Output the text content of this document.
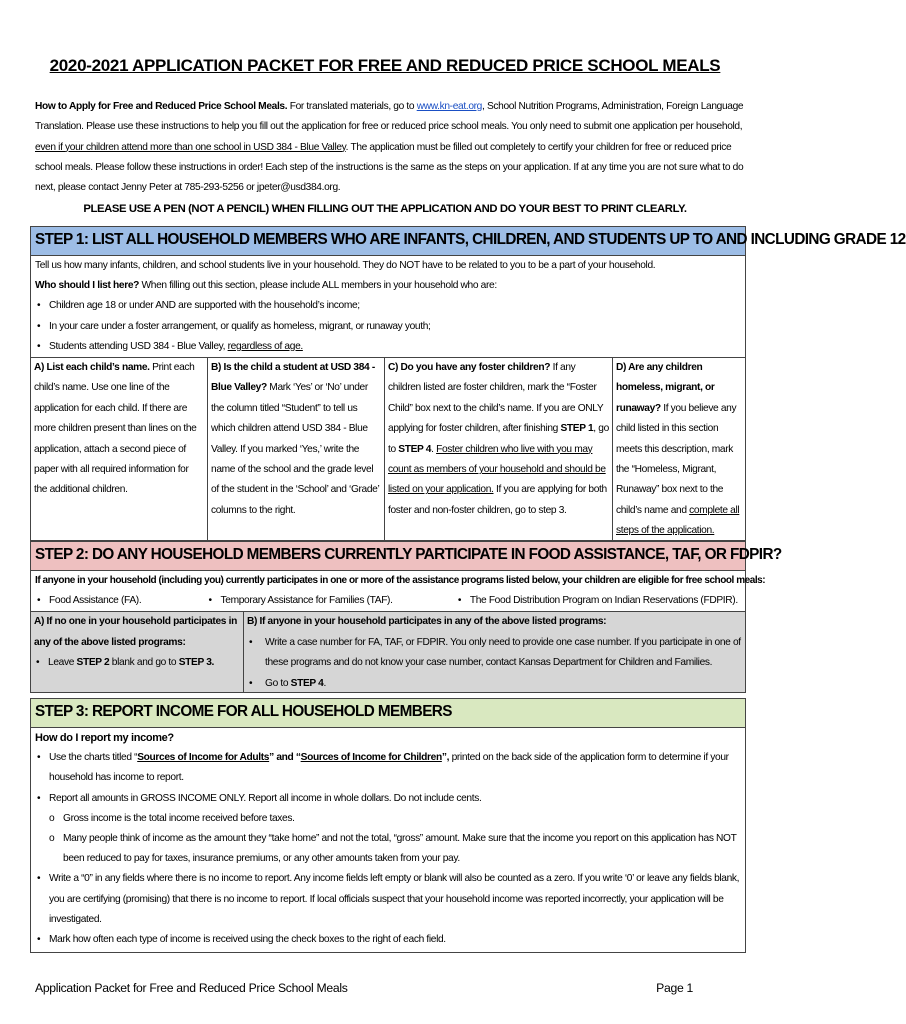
2020-2021 APPLICATION PACKET FOR FREE AND REDUCED PRICE SCHOOL MEALS
How to Apply for Free and Reduced Price School Meals. For translated materials, go to www.kn-eat.org, School Nutrition Programs, Administration, Foreign Language Translation. Please use these instructions to help you fill out the application for free or reduced price school meals. You only need to submit one application per household, even if your children attend more than one school in USD 384 - Blue Valley. The application must be filled out completely to certify your children for free or reduced price school meals. Please follow these instructions in order! Each step of the instructions is the same as the steps on your application. If at any time you are not sure what to do next, please contact Jenny Peter at 785-293-5256 or jpeter@usd384.org.
PLEASE USE A PEN (NOT A PENCIL) WHEN FILLING OUT THE APPLICATION AND DO YOUR BEST TO PRINT CLEARLY.
STEP 1: LIST ALL HOUSEHOLD MEMBERS WHO ARE INFANTS, CHILDREN, AND STUDENTS UP TO AND INCLUDING GRADE 12
Tell us how many infants, children, and school students live in your household. They do NOT have to be related to you to be a part of your household.
Who should I list here? When filling out this section, please include ALL members in your household who are:
• Children age 18 or under AND are supported with the household’s income;
• In your care under a foster arrangement, or qualify as homeless, migrant, or runaway youth;
• Students attending USD 384 - Blue Valley, regardless of age.
A) List each child’s name. Print each child’s name. Use one line of the application for each child. If there are more children present than lines on the application, attach a second piece of paper with all required information for the additional children.
B) Is the child a student at USD 384 - Blue Valley? Mark ‘Yes’ or ‘No’ under the column titled “Student” to tell us which children attend USD 384 - Blue Valley. If you marked ‘Yes,’ write the name of the school and the grade level of the student in the ‘School’ and ‘Grade’ columns to the right.
C) Do you have any foster children? If any children listed are foster children, mark the “Foster Child” box next to the child’s name. If you are ONLY applying for foster children, after finishing STEP 1, go to STEP 4. Foster children who live with you may count as members of your household and should be listed on your application. If you are applying for both foster and non-foster children, go to step 3.
D) Are any children homeless, migrant, or runaway? If you believe any child listed in this section meets this description, mark the “Homeless, Migrant, Runaway” box next to the child’s name and complete all steps of the application.
STEP 2: DO ANY HOUSEHOLD MEMBERS CURRENTLY PARTICIPATE IN FOOD ASSISTANCE, TAF, OR FDPIR?
If anyone in your household (including you) currently participates in one or more of the assistance programs listed below, your children are eligible for free school meals:
• Food Assistance (FA).	• Temporary Assistance for Families (TAF).	• The Food Distribution Program on Indian Reservations (FDPIR).
A) If no one in your household participates in any of the above listed programs:
• Leave STEP 2 blank and go to STEP 3.
B) If anyone in your household participates in any of the above listed programs:
• Write a case number for FA, TAF, or FDPIR. You only need to provide one case number. If you participate in one of these programs and do not know your case number, contact Kansas Department for Children and Families.
• Go to STEP 4.
STEP 3: REPORT INCOME FOR ALL HOUSEHOLD MEMBERS
How do I report my income?
• Use the charts titled “Sources of Income for Adults” and “Sources of Income for Children”, printed on the back side of the application form to determine if your household has income to report.
• Report all amounts in GROSS INCOME ONLY. Report all income in whole dollars. Do not include cents.
o Gross income is the total income received before taxes.
o Many people think of income as the amount they “take home” and not the total, “gross” amount. Make sure that the income you report on this application has NOT been reduced to pay for taxes, insurance premiums, or any other amounts taken from your pay.
• Write a “0” in any fields where there is no income to report. Any income fields left empty or blank will also be counted as a zero. If you write ‘0’ or leave any fields blank, you are certifying (promising) that there is no income to report. If local officials suspect that your household income was reported incorrectly, your application will be investigated.
• Mark how often each type of income is received using the check boxes to the right of each field.
Application Packet for Free and Reduced Price School Meals	Page 1
